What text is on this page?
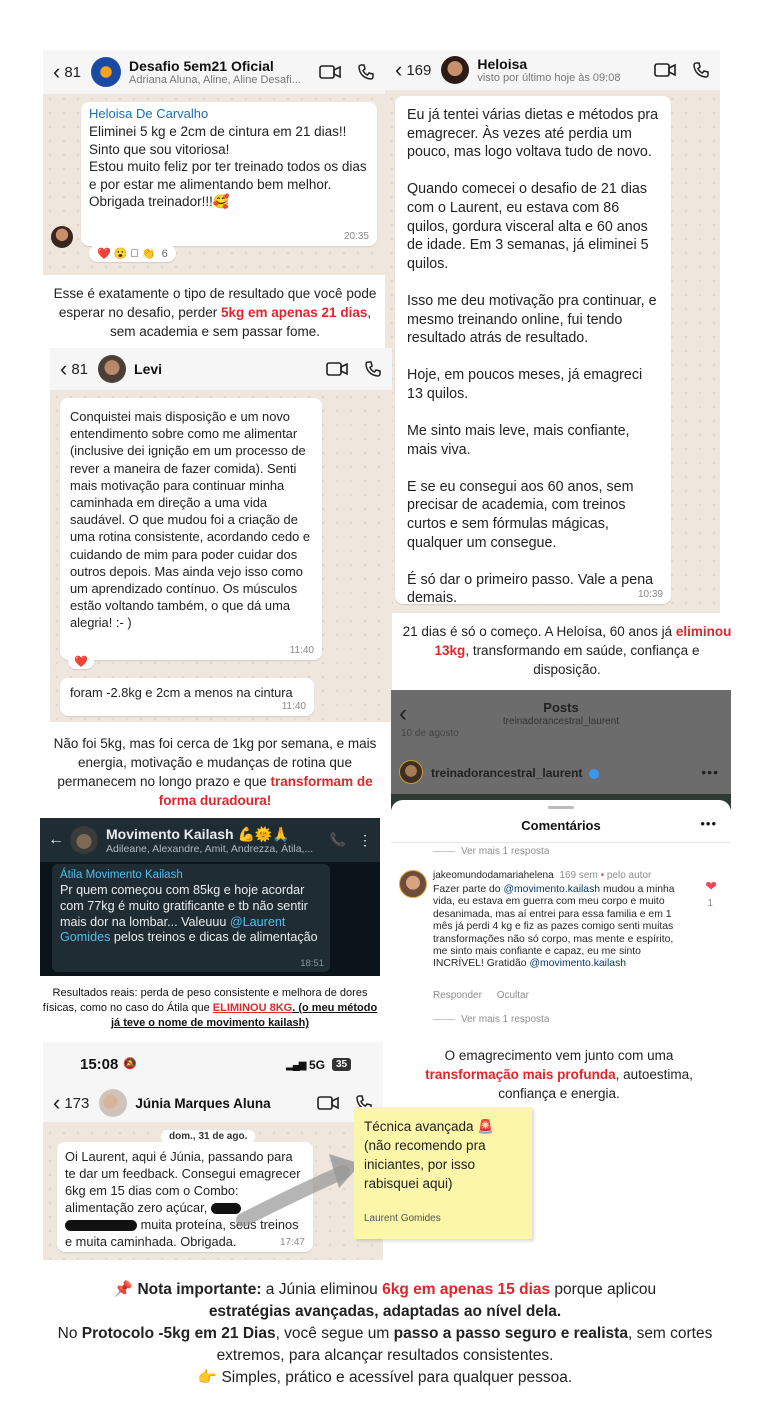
‹ 81	Desafio 5em21 Oficial
Adriana Aluna, Aline, Aline Desafi...
Heloisa De Carvalho
Eliminei 5 kg e 2cm de cintura em 21 dias!!
Sinto que sou vitoriosa!
Estou muito feliz por ter treinado todos os dias e por estar me alimentando bem melhor.
Obrigada treinador!!!🥰
20:35
❤️ 😮 🏾 👏 6
Esse é exatamente o tipo de resultado que você pode esperar no desafio, perder 5kg em apenas 21 dias,
sem academia e sem passar fome.
‹ 169	Heloisa
visto por último hoje às 09:08
Eu já tentei várias dietas e métodos pra emagrecer. Às vezes até perdia um pouco, mas logo voltava tudo de novo.

Quando comecei o desafio de 21 dias com o Laurent, eu estava com 86 quilos, gordura visceral alta e 60 anos de idade. Em 3 semanas, já eliminei 5 quilos.

Isso me deu motivação pra continuar, e mesmo treinando online, fui tendo resultado atrás de resultado.

Hoje, em poucos meses, já emagreci 13 quilos.

Me sinto mais leve, mais confiante, mais viva.

E se eu consegui aos 60 anos, sem precisar de academia, com treinos curtos e sem fórmulas mágicas, qualquer um consegue.

É só dar o primeiro passo. Vale a pena demais.	10:39
‹ 81	Levi
Conquistei mais disposição e um novo entendimento sobre como me alimentar (inclusive dei ignição em um processo de rever a maneira de fazer comida). Senti mais motivação para continuar minha caminhada em direção a uma vida saudável. O que mudou foi a criação de uma rotina consistente, acordando cedo e cuidando de mim para poder cuidar dos outros depois. Mas ainda vejo isso como um aprendizado contínuo. Os músculos estão voltando também, o que dá uma alegria! :- )
11:40
❤️
foram -2.8kg e 2cm a menos na cintura
11:40
21 dias é só o começo. A Heloísa, 60 anos já eliminou 13kg, transformando em saúde, confiança e disposição.
‹	Posts
treinadorancestral_laurent
10 de agosto
treinadorancestral_laurent	•••
Comentários	•••
Ver mais 1 resposta
jakeomundodamariahelena 169 sem • pelo autor
Fazer parte do @movimento.kailash mudou a minha vida, eu estava em guerra com meu corpo e muito desanimada, mas aí entrei para essa familia e em 1 mês já perdi 4 kg e fiz as pazes comigo senti muitas transformações não só corpo, mas mente e espírito, me sinto mais confiante e capaz, eu me sinto INCRÍVEL! Gratidão @movimento.kailash
Responder Ocultar
❤
1
Ver mais 1 resposta
Não foi 5kg, mas foi cerca de 1kg por semana, e mais energia, motivação e mudanças de rotina que permanecem no longo prazo e que transformam de forma duradoura!
←	Movimento Kailash 💪🌞🙏
Adileane, Alexandre, Amit, Andrezza, Átila,...
📞 ⋮
Átila Movimento Kailash
Pr quem começou com 85kg e hoje acordar com 77kg é muito gratificante e tb não sentir mais dor na lombar... Valeuuu @Laurent Gomides pelos treinos e dicas de alimentação
18:51
O emagrecimento vem junto com uma transformação mais profunda, autoestima, confiança e energia.
Resultados reais: perda de peso consistente e melhora de dores físicas, como no caso do Átila que ELIMINOU 8KG. (o meu método já teve o nome de movimento kailash)
15:08 🔕	▂▄▆ 5G	35
‹ 173	Júnia Marques Aluna
dom., 31 de ago.
Oi Laurent, aqui é Júnia, passando para te dar um feedback. Consegui emagrecer 6kg em 15 dias com o Combo: alimentação zero açúcar,   muita proteína, seus treinos e muita caminhada. Obrigada.	17:47
Técnica avançada 🚨
(não recomendo pra iniciantes, por isso rabisquei aqui)
Laurent Gomides
📌 Nota importante: a Júnia eliminou 6kg em apenas 15 dias porque aplicou
estratégias avançadas, adaptadas ao nível dela.
No Protocolo -5kg em 21 Dias, você segue um passo a passo seguro e realista, sem cortes extremos, para alcançar resultados consistentes.
👉 Simples, prático e acessível para qualquer pessoa.
